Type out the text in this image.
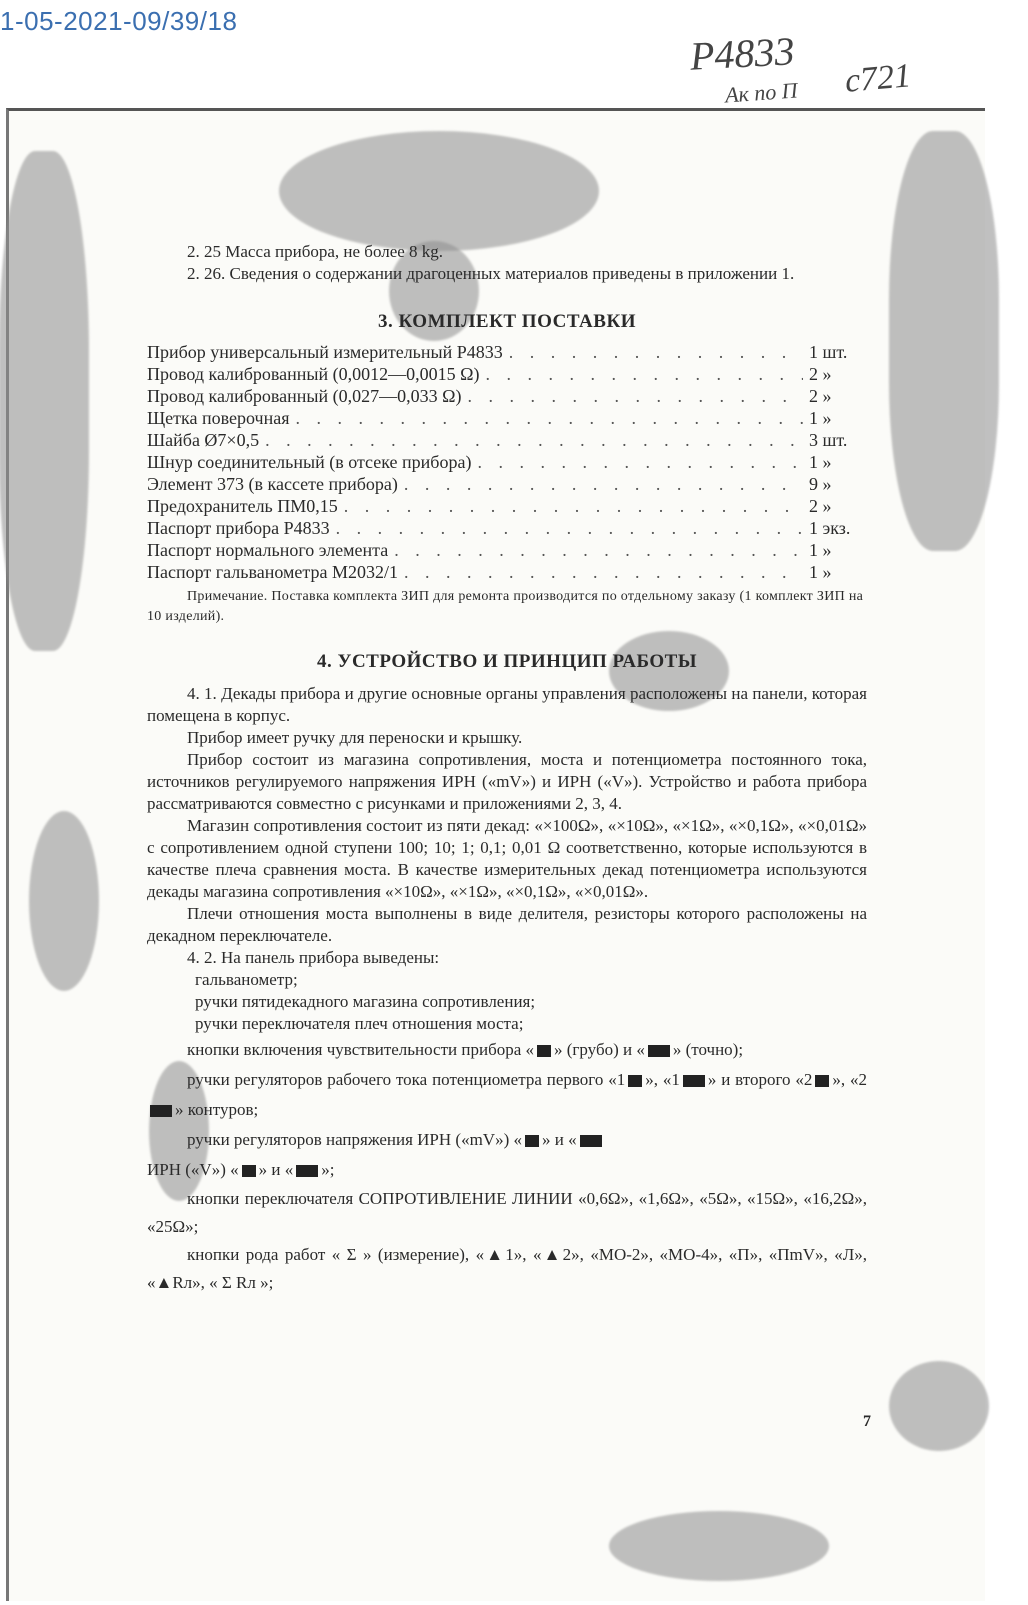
1-05-2021-09/39/18
Р4833
Ак по П с721

2. 25 Масса прибора, не более 8 kg.

2. 26. Сведения о содержании драгоценных материалов приведены в приложении 1.

3. КОМПЛЕКТ ПОСТАВКИ
Прибор универсальный измерительный Р4833 . . .	1 шт.
Провод калиброванный (0,0012—0,0015 Ω) . . .	2 »
Провод калиброванный (0,027—0,033 Ω) . . .	2 »
Щетка поверочная . . .	1 »
Шайба Ø7×0,5 . . .	3 шт.
Шнур соединительный (в отсеке прибора) . . .	1 »
Элемент 373 (в кассете прибора) . . .	9 »
Предохранитель ПМ0,15 . . .	2 »
Паспорт прибора Р4833 . . .	1 экз.
Паспорт нормального элемента . . .	1 »
Паспорт гальванометра М2032/1 . . .	1 »

Примечание. Поставка комплекта ЗИП для ремонта производится по отдельному заказу (1 комплект ЗИП на 10 изделий).

4. УСТРОЙСТВО И ПРИНЦИП РАБОТЫ

4. 1. Декады прибора и другие основные органы управления расположены на панели, которая помещена в корпус.

Прибор имеет ручку для переноски и крышку.

Прибор состоит из магазина сопротивления, моста и потенциометра постоянного тока, источников регулируемого напряжения ИРН («mV») и ИРН («V»). Устройство и работа прибора рассматриваются совместно с рисунками и приложениями 2, 3, 4.

Магазин сопротивления состоит из пяти декад: «×100Ω», «×10Ω», «×1Ω», «×0,1Ω», «×0,01Ω» с сопротивлением одной ступени 100; 10; 1; 0,1; 0,01 Ω соответственно, которые используются в качестве плеча сравнения моста. В качестве измерительных декад потенциометра используются декады магазина сопротивления «×10Ω», «×1Ω», «×0,1Ω», «×0,01Ω».

Плечи отношения моста выполнены в виде делителя, резисторы которого расположены на декадном переключателе.

4. 2. На панель прибора выведены:

гальванометр;
ручки пятидекадного магазина сопротивления;
ручки переключателя плеч отношения моста;

кнопки включения чувствительности прибора « » (грубо) и « » (точно);

ручки регуляторов рабочего тока потенциометра первого «1 », «1 » и второго «2 », «2» контуров;

ручки регуляторов напряжения ИРН («mV») « » и «
ИРН («V») « » и « »;

кнопки переключателя СОПРОТИВЛЕНИЕ ЛИНИИ «0,6Ω», «1,6Ω», «5Ω», «15Ω», «16,2Ω», «25Ω»;

кнопки рода работ « Σ » (измерение), «▲1», «▲2», «МО-2», «МО-4», «П», «ПmV», «Л», «▲Rл», « Σ Rл »;

7
